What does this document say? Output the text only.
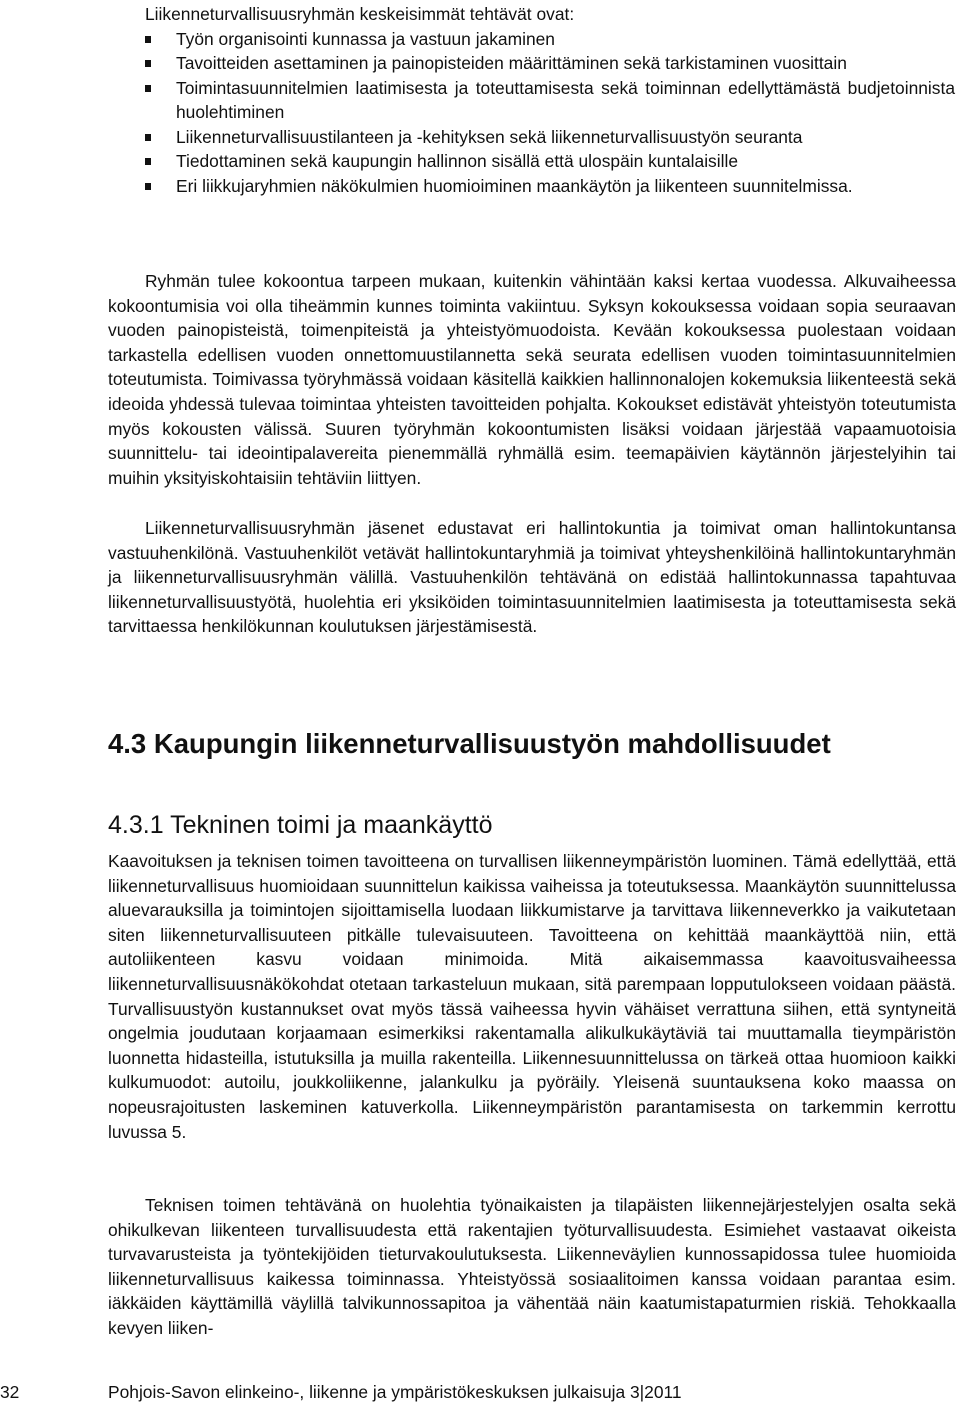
Liikenneturvallisuusryhmän keskeisimmät tehtävät ovat:

Työn organisointi kunnassa ja vastuun jakaminen
Tavoitteiden asettaminen ja painopisteiden määrittäminen sekä tarkistaminen vuosittain
Toimintasuunnitelmien laatimisesta ja toteuttamisesta sekä toiminnan edellyttämästä budjetoinnista huolehtiminen
Liikenneturvallisuustilanteen ja -kehityksen sekä liikenneturvallisuustyön seuranta
Tiedottaminen sekä kaupungin hallinnon sisällä että ulospäin kuntalaisille
Eri liikkujaryhmien näkökulmien huomioiminen maankäytön ja liikenteen suunnitelmissa.

Ryhmän tulee kokoontua tarpeen mukaan, kuitenkin vähintään kaksi kertaa vuodessa. Alkuvaiheessa kokoontumisia voi olla tiheämmin kunnes toiminta vakiintuu. Syksyn kokouksessa voidaan sopia seuraavan vuoden painopisteistä, toimenpiteistä ja yhteistyömuodoista. Kevään kokouksessa puolestaan voidaan tarkastella edellisen vuoden onnettomuustilannetta sekä seurata edellisen vuoden toimintasuunnitelmien toteutumista. Toimivassa työryhmässä voidaan käsitellä kaikkien hallinnonalojen kokemuksia liikenteestä sekä ideoida yhdessä tulevaa toimintaa yhteisten tavoitteiden pohjalta. Kokoukset edistävät yhteistyön toteutumista myös kokousten välissä. Suuren työryhmän kokoontumisten lisäksi voidaan järjestää vapaamuotoisia suunnittelu- tai ideointipalavereita pienemmällä ryhmällä esim. teemapäivien käytännön järjestelyihin tai muihin yksityiskohtaisiin tehtäviin liittyen.

Liikenneturvallisuusryhmän jäsenet edustavat eri hallintokuntia ja toimivat oman hallintokuntansa vastuuhenkilönä. Vastuuhenkilöt vetävät hallintokuntaryhmiä ja toimivat yhteyshenkilöinä hallintokuntaryhmän ja liikenneturvallisuusryhmän välillä. Vastuuhenkilön tehtävänä on edistää hallintokunnassa tapahtuvaa liikenneturvallisuustyötä, huolehtia eri yksiköiden toimintasuunnitelmien laatimisesta ja toteuttamisesta sekä tarvittaessa henkilökunnan koulutuksen järjestämisestä.

4.3 Kaupungin liikenneturvallisuustyön mahdollisuudet
4.3.1 Tekninen toimi ja maankäyttö

Kaavoituksen ja teknisen toimen tavoitteena on turvallisen liikenneympäristön luominen. Tämä edellyttää, että liikenneturvallisuus huomioidaan suunnittelun kaikissa vaiheissa ja toteutuksessa. Maankäytön suunnittelussa aluevarauksilla ja toimintojen sijoittamisella luodaan liikkumistarve ja tarvittava liikenneverkko ja vaikutetaan siten liikenneturvallisuuteen pitkälle tulevaisuuteen. Tavoitteena on kehittää maankäyttöä niin, että autoliikenteen kasvu voidaan minimoida. Mitä aikaisemmassa kaavoitusvaiheessa liikenneturvallisuusnäkökohdat otetaan tarkasteluun mukaan, sitä parempaan lopputulokseen voidaan päästä. Turvallisuustyön kustannukset ovat myös tässä vaiheessa hyvin vähäiset verrattuna siihen, että syntyneitä ongelmia joudutaan korjaamaan esimerkiksi rakentamalla alikulkukäytäviä tai muuttamalla tieympäristön luonnetta hidasteilla, istutuksilla ja muilla rakenteilla. Liikennesuunnittelussa on tärkeä ottaa huomioon kaikki kulkumuodot: autoilu, joukkoliikenne, jalankulku ja pyöräily. Yleisenä suuntauksena koko maassa on nopeusrajoitusten laskeminen katuverkolla. Liikenneympäristön parantamisesta on tarkemmin kerrottu luvussa 5.

Teknisen toimen tehtävänä on huolehtia työnaikaisten ja tilapäisten liikennejärjestelyjen osalta sekä ohikulkevan liikenteen turvallisuudesta että rakentajien työturvallisuudesta. Esimiehet vastaavat oikeista turvavarusteista ja työntekijöiden tieturvakoulutuksesta. Liikenneväylien kunnossapidossa tulee huomioida liikenneturvallisuus kaikessa toiminnassa. Yhteistyössä sosiaalitoimen kanssa voidaan parantaa esim. iäkkäiden käyttämillä väylillä talvikunnossapitoa ja vähentää näin kaatumistapaturmien riskiä. Tehokkaalla kevyen liiken-

32	Pohjois-Savon elinkeino-, liikenne ja ympäristökeskuksen julkaisuja 3|2011
